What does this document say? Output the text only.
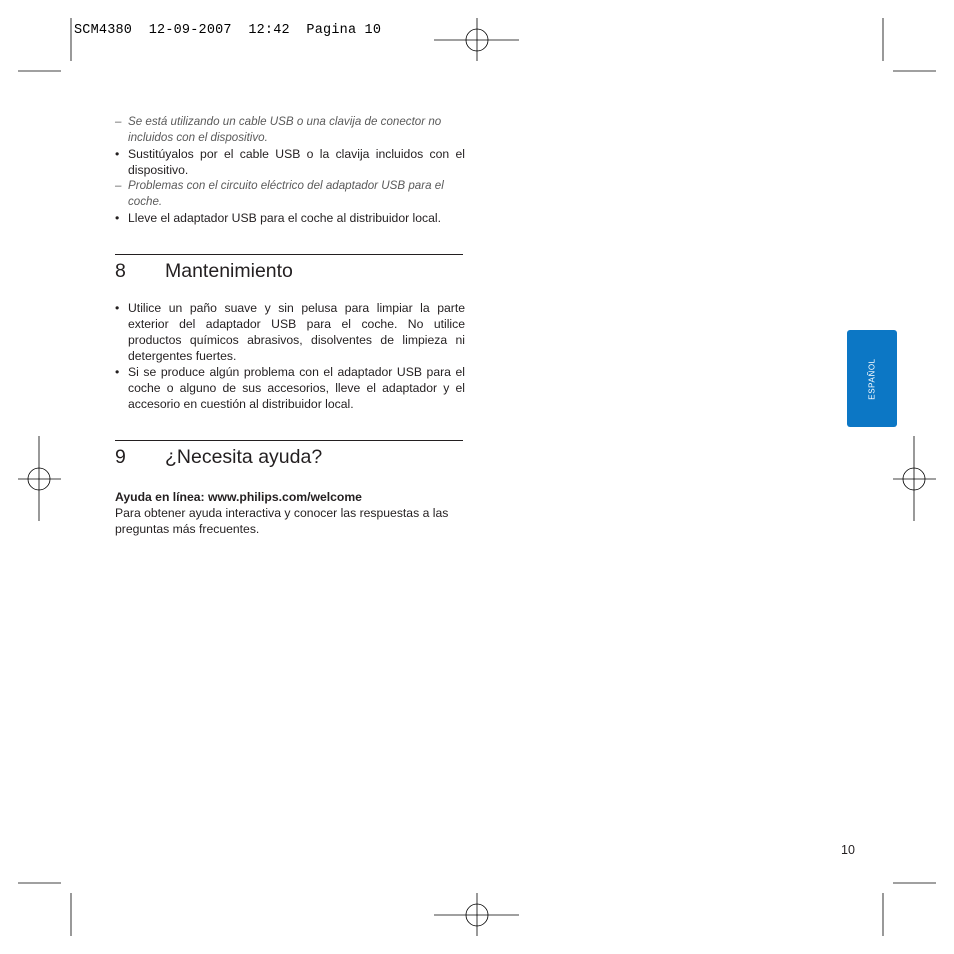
SCM4380  12-09-2007  12:42  Pagina 10
– Se está utilizando un cable USB o una clavija de conector no incluidos con el dispositivo.
• Sustitúyalos por el cable USB o la clavija incluidos con el dispositivo.
– Problemas con el circuito eléctrico del adaptador USB para el coche.
• Lleve el adaptador USB para el coche al distribuidor local.
8	Mantenimiento
• Utilice un paño suave y sin pelusa para limpiar la parte exterior del adaptador USB para el coche. No utilice productos químicos abrasivos, disolventes de limpieza ni detergentes fuertes.
• Si se produce algún problema con el adaptador USB para el coche o alguno de sus accesorios, lleve el adaptador y el accesorio en cuestión al distribuidor local.
9	¿Necesita ayuda?
Ayuda en línea: www.philips.com/welcome
Para obtener ayuda interactiva y conocer las respuestas a las preguntas más frecuentes.
ESPAÑOL
10
